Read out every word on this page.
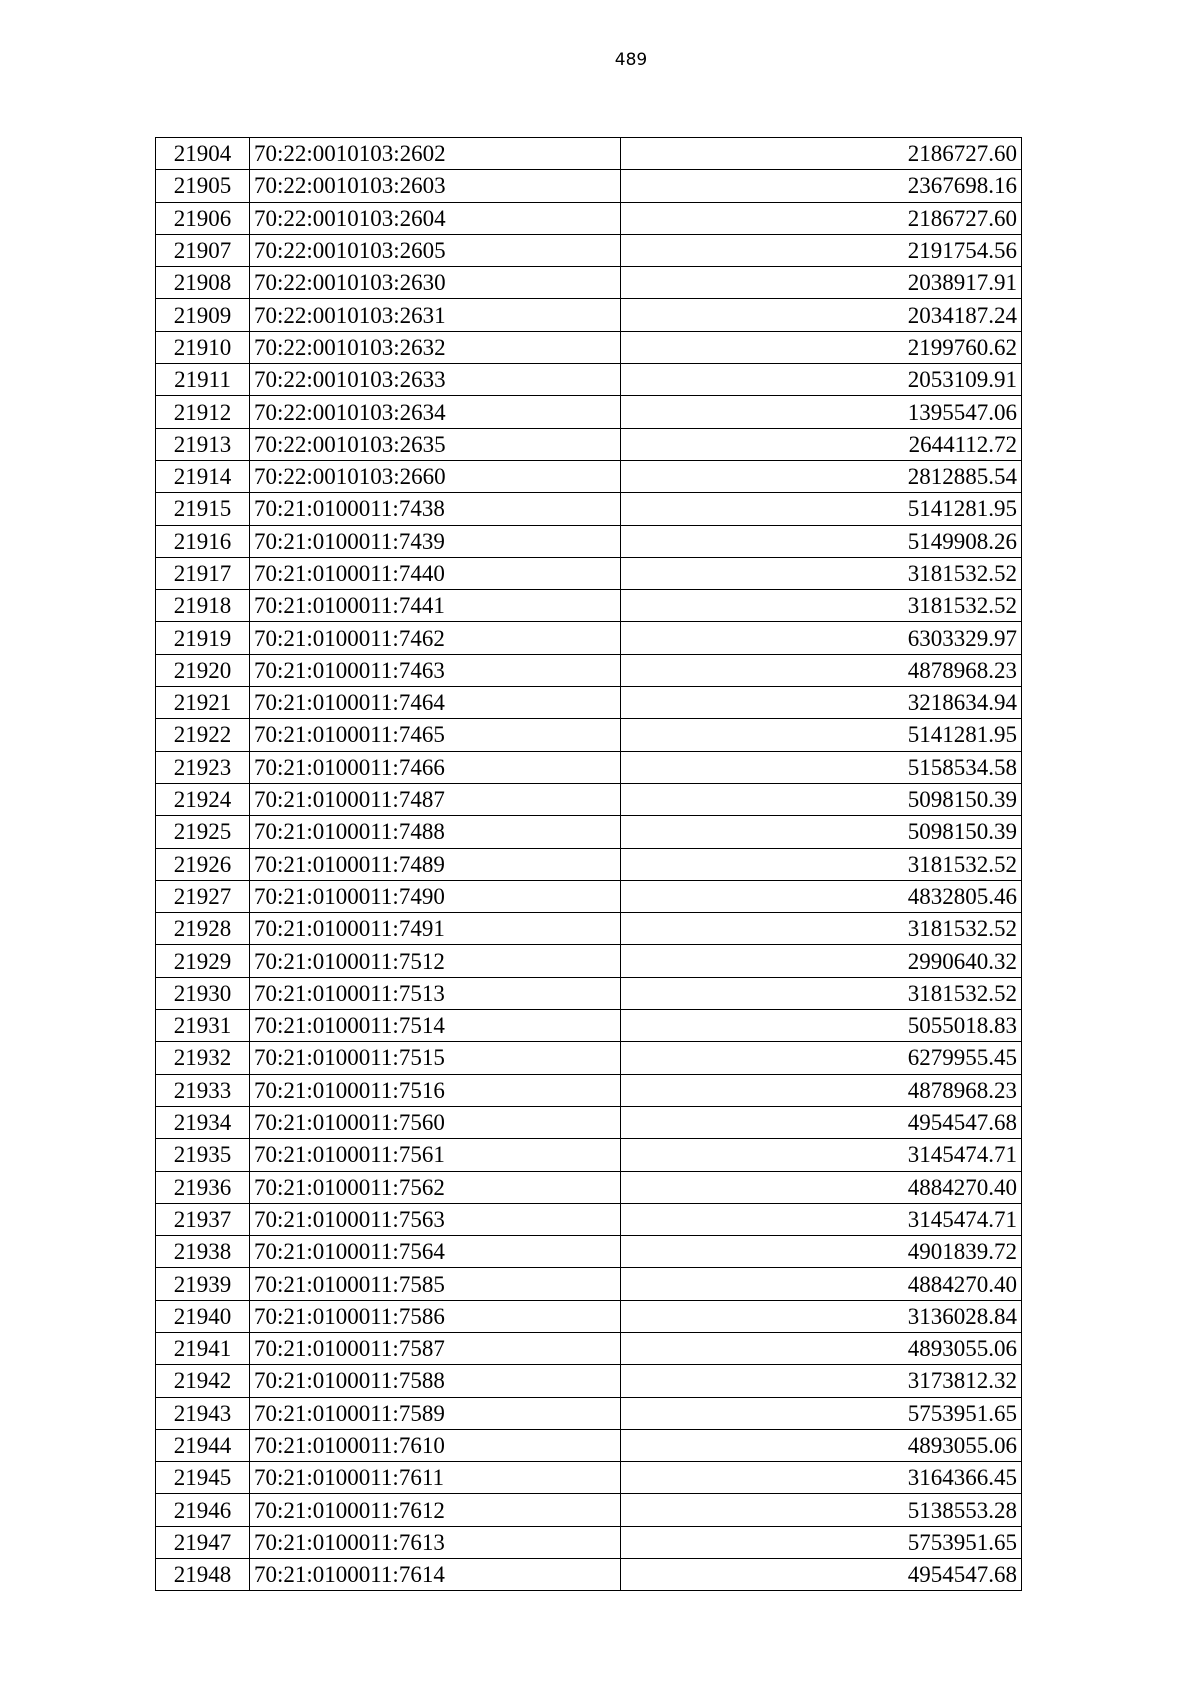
489
21904	70:22:0010103:2602	2186727.60
21905	70:22:0010103:2603	2367698.16
21906	70:22:0010103:2604	2186727.60
21907	70:22:0010103:2605	2191754.56
21908	70:22:0010103:2630	2038917.91
21909	70:22:0010103:2631	2034187.24
21910	70:22:0010103:2632	2199760.62
21911	70:22:0010103:2633	2053109.91
21912	70:22:0010103:2634	1395547.06
21913	70:22:0010103:2635	2644112.72
21914	70:22:0010103:2660	2812885.54
21915	70:21:0100011:7438	5141281.95
21916	70:21:0100011:7439	5149908.26
21917	70:21:0100011:7440	3181532.52
21918	70:21:0100011:7441	3181532.52
21919	70:21:0100011:7462	6303329.97
21920	70:21:0100011:7463	4878968.23
21921	70:21:0100011:7464	3218634.94
21922	70:21:0100011:7465	5141281.95
21923	70:21:0100011:7466	5158534.58
21924	70:21:0100011:7487	5098150.39
21925	70:21:0100011:7488	5098150.39
21926	70:21:0100011:7489	3181532.52
21927	70:21:0100011:7490	4832805.46
21928	70:21:0100011:7491	3181532.52
21929	70:21:0100011:7512	2990640.32
21930	70:21:0100011:7513	3181532.52
21931	70:21:0100011:7514	5055018.83
21932	70:21:0100011:7515	6279955.45
21933	70:21:0100011:7516	4878968.23
21934	70:21:0100011:7560	4954547.68
21935	70:21:0100011:7561	3145474.71
21936	70:21:0100011:7562	4884270.40
21937	70:21:0100011:7563	3145474.71
21938	70:21:0100011:7564	4901839.72
21939	70:21:0100011:7585	4884270.40
21940	70:21:0100011:7586	3136028.84
21941	70:21:0100011:7587	4893055.06
21942	70:21:0100011:7588	3173812.32
21943	70:21:0100011:7589	5753951.65
21944	70:21:0100011:7610	4893055.06
21945	70:21:0100011:7611	3164366.45
21946	70:21:0100011:7612	5138553.28
21947	70:21:0100011:7613	5753951.65
21948	70:21:0100011:7614	4954547.68
